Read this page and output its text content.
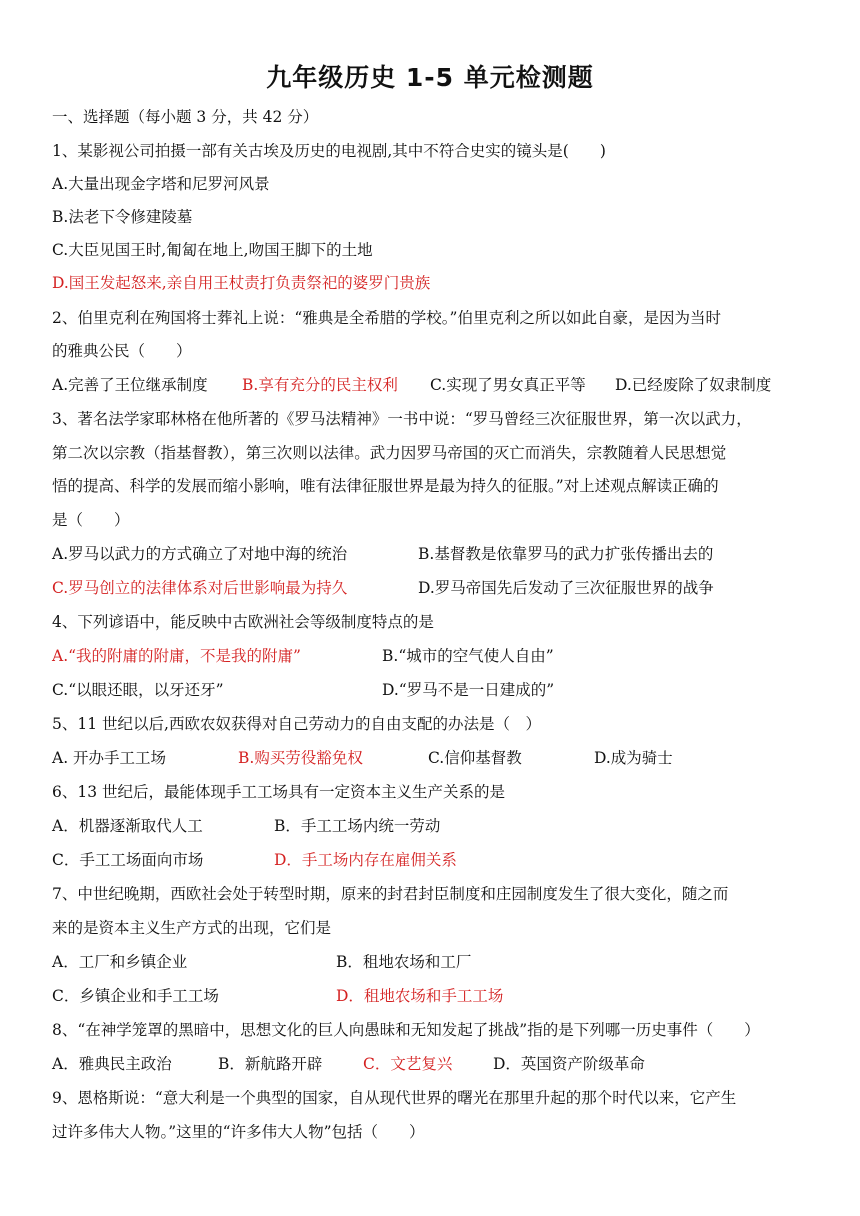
九年级历史 1-5 单元检测题
一、选择题（每小题 3 分，共 42 分）
1、某影视公司拍摄一部有关古埃及历史的电视剧,其中不符合史实的镜头是(　　)
A.大量出现金字塔和尼罗河风景
B.法老下令修建陵墓
C.大臣见国王时,匍匐在地上,吻国王脚下的土地
D.国王发起怒来,亲自用王杖责打负责祭祀的婆罗门贵族
2、伯里克利在殉国将士葬礼上说：“雅典是全希腊的学校。”伯里克利之所以如此自豪，是因为当时
的雅典公民（　　）
A.完善了王位继承制度 B.享有充分的民主权利 C.实现了男女真正平等 D.已经废除了奴隶制度
3、著名法学家耶林格在他所著的《罗马法精神》一书中说：“罗马曾经三次征服世界，第一次以武力，
第二次以宗教（指基督教），第三次则以法律。武力因罗马帝国的灭亡而消失，宗教随着人民思想觉
悟的提高、科学的发展而缩小影响，唯有法律征服世界是最为持久的征服。”对上述观点解读正确的
是（　　）
A.罗马以武力的方式确立了对地中海的统治	B.基督教是依靠罗马的武力扩张传播出去的
C.罗马创立的法律体系对后世影响最为持久	D.罗马帝国先后发动了三次征服世界的战争
4、下列谚语中，能反映中古欧洲社会等级制度特点的是
A.“我的附庸的附庸，不是我的附庸”	B.“城市的空气使人自由”
C.“以眼还眼，以牙还牙”	D.“罗马不是一日建成的”
5、11 世纪以后,西欧农奴获得对自己劳动力的自由支配的办法是（　）
A. 开办手工工场	B.购买劳役豁免权	C.信仰基督教	D.成为骑士
6、13 世纪后，最能体现手工工场具有一定资本主义生产关系的是
A．机器逐渐取代人工	B．手工工场内统一劳动
C．手工工场面向市场	D．手工场内存在雇佣关系
7、中世纪晚期，西欧社会处于转型时期，原来的封君封臣制度和庄园制度发生了很大变化，随之而
来的是资本主义生产方式的出现，它们是
A．工厂和乡镇企业	B．租地农场和工厂
C．乡镇企业和手工工场	D．租地农场和手工工场
8、“在神学笼罩的黑暗中，思想文化的巨人向愚昧和无知发起了挑战”指的是下列哪一历史事件（　　）
A．雅典民主政治	B．新航路开辟	C．文艺复兴	D．英国资产阶级革命
9、恩格斯说：“意大利是一个典型的国家，自从现代世界的曙光在那里升起的那个时代以来，它产生
过许多伟大人物。”这里的“许多伟大人物”包括（　　）
